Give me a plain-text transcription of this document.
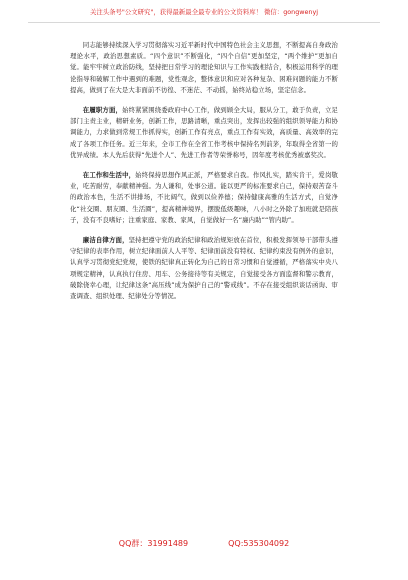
关注头条号"公文研究"，获得最新最全最专业的公文资料库！ 微信：gongwenyj

同志能够持续深入学习贯彻落实习近平新时代中国特色社会主义思想，不断提高自身政治理论水平，政治思想素质。“四个意识”不断强化，“四个自信”更加坚定，“两个维护”更加自觉。能牢牢树立政治防线，坚持把日常学习的理论知识与工作实践相结合，积极运用科学的理论指导和破解工作中遇到的难题，党性观念，整体意识和应对各种复杂、困难问题的能力不断提高，做到了在大是大非面前不彷徨、不迷茫、不动摇，始终站稳立场，坚定信念。

在履职方面，始终紧紧围绕委政府中心工作，做到顾全大局，服从分工，敢于负责，立足部门主责主业，精研业务，创新工作，思路清晰，重点突出，发挥出较强的组织领导能力和协调能力，力求做到常规工作抓得实，创新工作有亮点，重点工作有实效，高质量、高效率的完成了各项工作任务。近三年来，全市工作在全省工作考核中保持名列前茅，年取得全省第一的优异成绩。本人先后获得“先进个人”、先进工作者等荣誉称号，因年度考核优秀被嘉奖次。

在工作和生活中，始终保持思想作风正派，严格要求自我。作风扎实，踏实肯干，爱岗敬业，吃苦耐劳，奉献精神强。为人谦和，处事公道。能以更严的标准要求自己，保持艰苦奋斗的政治本色，生活不讲排场，不比阔气，做到以俭养德；保持健康高雅的生活方式，自觉净化“社交圈、朋友圈、生活圈”，提高精神境界，摆脱低级趣味，八小时之外除了加班就是陪孩子，没有不良嗜好；注重家庭、家教、家风，自觉做好一名“廉内助”“管内助”。

廉洁自律方面，坚持把遵守党的政治纪律和政治规矩放在首位，积极发挥领导干部带头遵守纪律的表率作用，树立纪律面前人人平等、纪律面前没有特权、纪律约束没有例外的意识，认真学习贯彻党纪党规，使铁的纪律真正转化为自己的日常习惯和自觉遵循，严格落实中央八项规定精神，认真执行住房、用车、公务接待等有关规定，自觉接受各方面监督和警示教育，破除侥幸心理，让纪律这条“高压线”成为保护自己的“警戒线”。不存在接受组织谈话函询、审查调查、组织处理、纪律处分等情况。

QQ群：31991489	QQ:535304092
